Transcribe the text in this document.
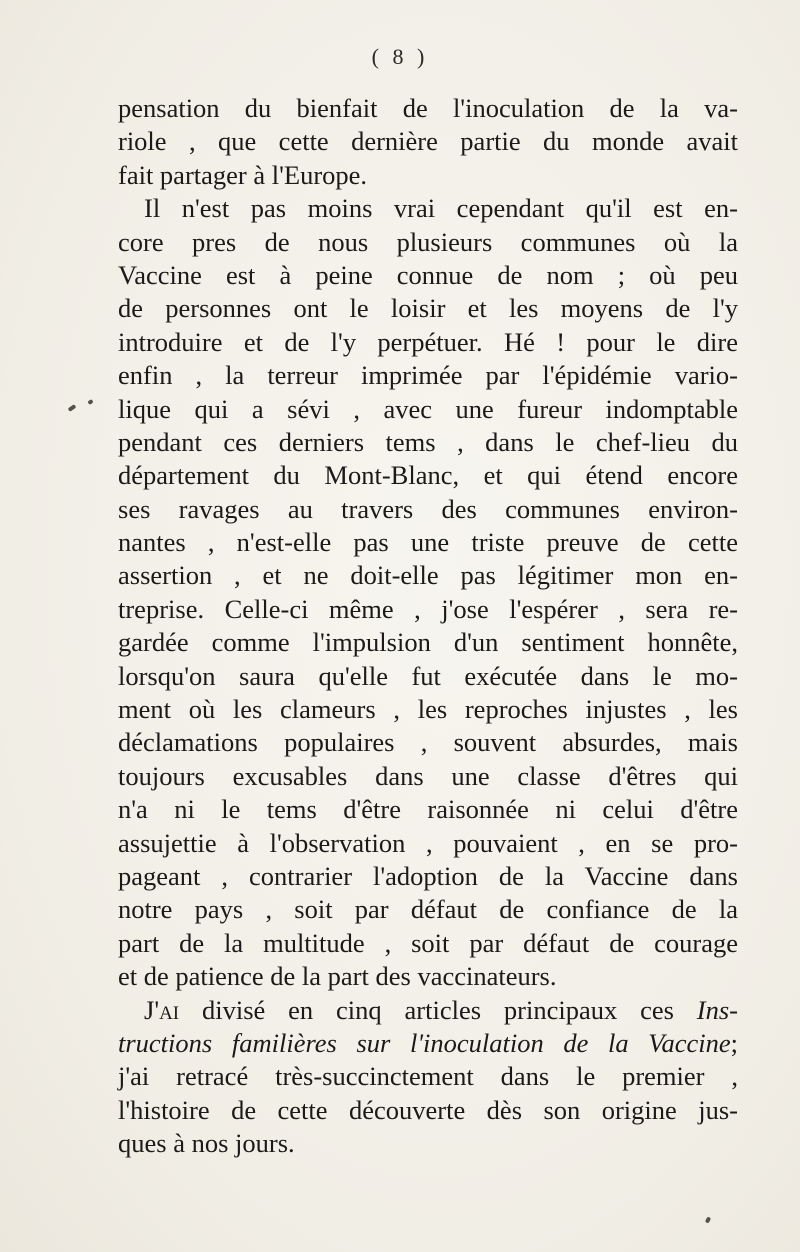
( 8 )
pensation du bienfait de l'inoculation de la va-
riole , que cette dernière partie du monde avait
fait partager à l'Europe.
Il n'est pas moins vrai cependant qu'il est en-
core pres de nous plusieurs communes où la
Vaccine est à peine connue de nom ; où peu
de personnes ont le loisir et les moyens de l'y
introduire et de l'y perpétuer. Hé ! pour le dire
enfin , la terreur imprimée par l'épidémie vario-
lique qui a sévi , avec une fureur indomptable
pendant ces derniers tems , dans le chef-lieu du
département du Mont-Blanc, et qui étend encore
ses ravages au travers des communes environ-
nantes , n'est-elle pas une triste preuve de cette
assertion , et ne doit-elle pas légitimer mon en-
treprise. Celle-ci même , j'ose l'espérer , sera re-
gardée comme l'impulsion d'un sentiment honnête,
lorsqu'on saura qu'elle fut exécutée dans le mo-
ment où les clameurs , les reproches injustes , les
déclamations populaires , souvent absurdes, mais
toujours excusables dans une classe d'êtres qui
n'a ni le tems d'être raisonnée ni celui d'être
assujettie à l'observation , pouvaient , en se pro-
pageant , contrarier l'adoption de la Vaccine dans
notre pays , soit par défaut de confiance de la
part de la multitude , soit par défaut de courage
et de patience de la part des vaccinateurs.
J'ai divisé en cinq articles principaux ces Ins-
tructions familières sur l'inoculation de la Vaccine;
j'ai retracé très-succinctement dans le premier ,
l'histoire de cette découverte dès son origine jus-
ques à nos jours.
